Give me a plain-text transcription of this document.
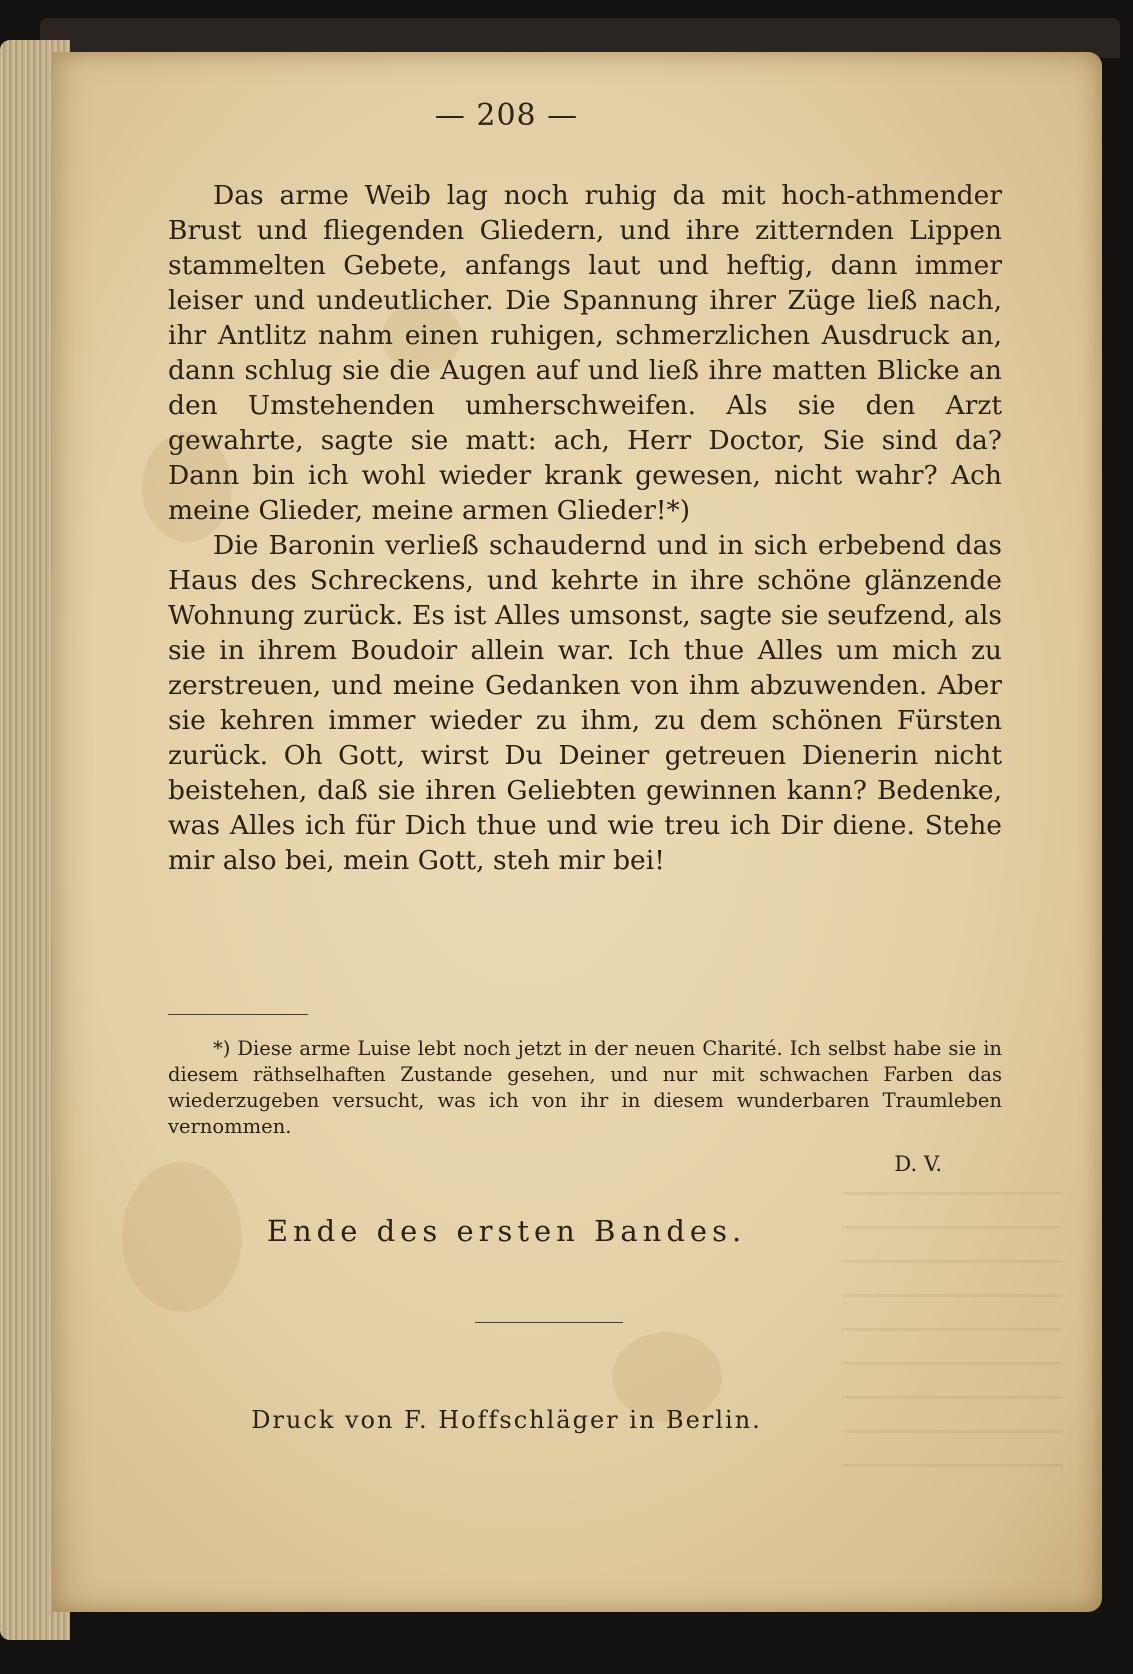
— 208 —

Das arme Weib lag noch ruhig da mit hoch-athmender Brust und fliegenden Gliedern, und ihre zitternden Lippen stammelten Gebete, anfangs laut und heftig, dann immer leiser und undeutlicher. Die Spannung ihrer Züge ließ nach, ihr Antlitz nahm einen ruhigen, schmerzlichen Ausdruck an, dann schlug sie die Augen auf und ließ ihre matten Blicke an den Umstehenden umherschweifen. Als sie den Arzt gewahrte, sagte sie matt: ach, Herr Doctor, Sie sind da? Dann bin ich wohl wieder krank gewesen, nicht wahr? Ach meine Glieder, meine armen Glieder!*)

Die Baronin verließ schaudernd und in sich erbebend das Haus des Schreckens, und kehrte in ihre schöne glänzende Wohnung zurück. Es ist Alles umsonst, sagte sie seufzend, als sie in ihrem Boudoir allein war. Ich thue Alles um mich zu zerstreuen, und meine Gedanken von ihm abzuwenden. Aber sie kehren immer wieder zu ihm, zu dem schönen Fürsten zurück. Oh Gott, wirst Du Deiner getreuen Dienerin nicht beistehen, daß sie ihren Geliebten gewinnen kann? Bedenke, was Alles ich für Dich thue und wie treu ich Dir diene. Stehe mir also bei, mein Gott, steh mir bei!

*) Diese arme Luise lebt noch jetzt in der neuen Charité. Ich selbst habe sie in diesem räthselhaften Zustande gesehen, und nur mit schwachen Farben das wiederzugeben versucht, was ich von ihr in diesem wunderbaren Traumleben vernommen.

D. V.
Ende des ersten Bandes.
Druck von F. Hoffschläger in Berlin.
